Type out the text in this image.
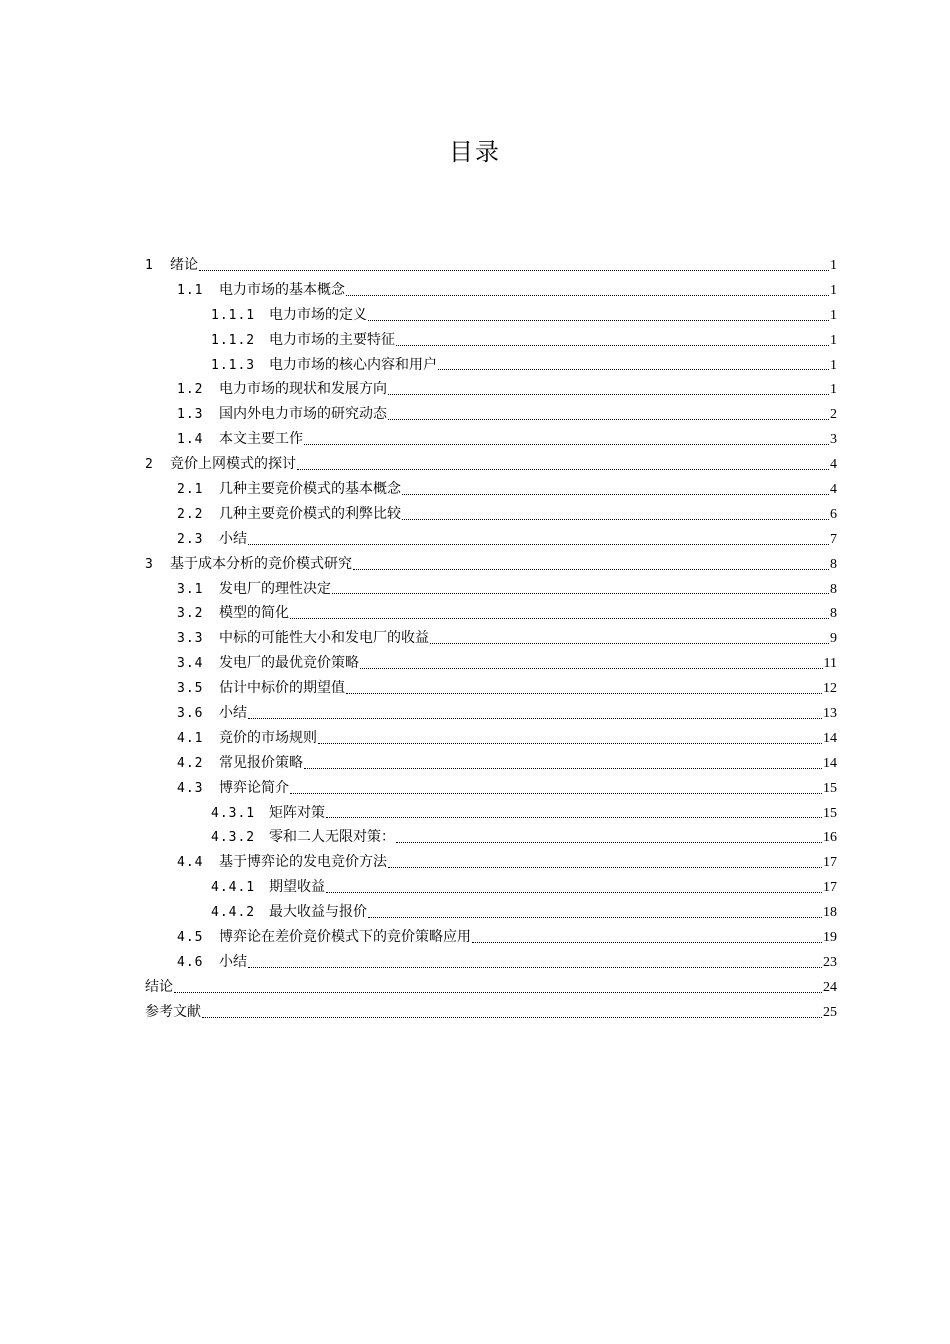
目录
1	绪论	1
1.1	电力市场的基本概念	1
1.1.1 电力市场的定义	1
1.1.2 电力市场的主要特征	1
1.1.3 电力市场的核心内容和用户	1
1.2	电力市场的现状和发展方向	1
1.3	国内外电力市场的研究动态	2
1.4	本文主要工作	3
2	竞价上网模式的探讨	4
2.1	几种主要竞价模式的基本概念	4
2.2	几种主要竞价模式的利弊比较	6
2.3	小结	7
3	基于成本分析的竞价模式研究	8
3.1	发电厂的理性决定	8
3.2	模型的简化	8
3.3	中标的可能性大小和发电厂的收益	9
3.4	发电厂的最优竞价策略	11
3.5	估计中标价的期望值	12
3.6	小结	13
4.1	竞价的市场规则	14
4.2	常见报价策略	14
4.3	博弈论简介	15
4.3.1 矩阵对策	15
4.3.2 零和二人无限对策：	16
4.4	基于博弈论的发电竞价方法	17
4.4.1 期望收益	17
4.4.2 最大收益与报价	18
4.5	博弈论在差价竞价模式下的竞价策略应用	19
4.6	小结	23
结论	24
参考文献	25
